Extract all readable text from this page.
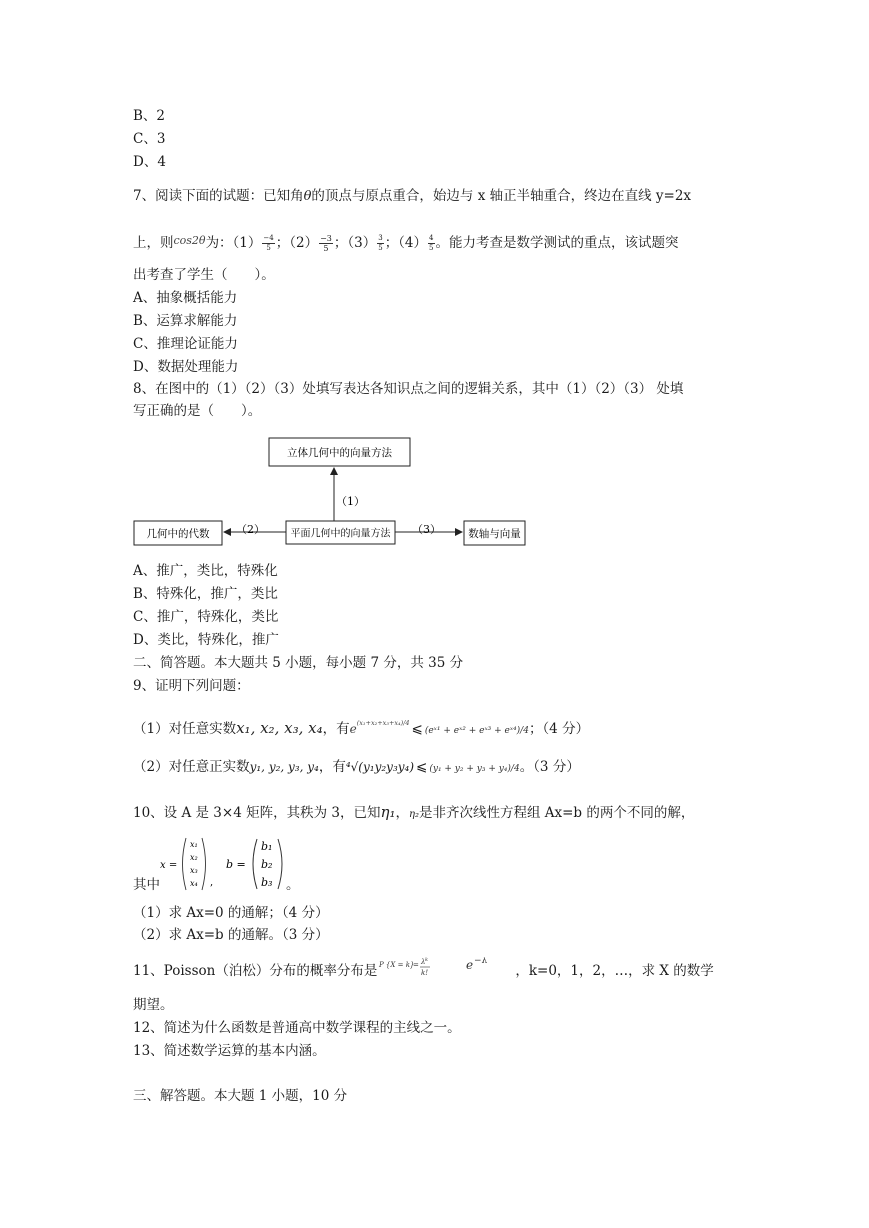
B、2
C、3
D、4
7、阅读下面的试题：已知角θ的顶点与原点重合，始边与 x 轴正半轴重合，终边在直线 y=2x
上，则$^{cos2\theta}$为：$(1) \frac{-4}{5}$ ；$(2) \frac{-3}{5}$ ；$(3) \frac{3}{5}$ ；$(4) \frac{4}{5}$ 。能力考查是数学测试的重点，该试题突
出考查了学生（　　）。
A、抽象概括能力
B、运算求解能力
C、推理论证能力
D、数据处理能力
8、在图中的（1）（2）（3）处填写表达各知识点之间的逻辑关系，其中（1）（2）（3） 处填
写正确的是（　　）。
立体几何中的向量方法
平面几何中的向量方法
几何中的代数	数轴与向量
（1）
（2）	（3）
A、推广，类比，特殊化
B、特殊化，推广，类比
C、推广，特殊化，类比
D、类比，特殊化，推广
二、简答题。本大题共 5 小题，每小题 7 分，共 35 分
9、证明下列问题：
（1）对任意实数x₁, x₂, x₃, x₄，有$e^{(x_1+x_2+x_3+x_4)/4}$ ⩽ (eˣ¹ + eˣ² + eˣ³ + eˣ⁴)/4；（4 分）
（2）对任意正实数y₁, y₂, y₃, y₄，有⁴√(y₁y₂y₃y₄) ⩽ (y₁ + y₂ + y₃ + y₄)/4。（3 分）
10、设 A 是 3×4 矩阵，其秩为 3，已知η₁，η₂是非齐次线性方程组 Ax=b 的两个不同的解，
x =
x₁
x₂
x₃
x₄ ,
b =
b₁
b₂
b₃
其中	。
（1）求 Ax=0 的通解；（4 分）
（2）求 Ax=b 的通解。（3 分）
11、Poisson（泊松）分布的概率分布是 P {X = k}
= λ k
k!
e −λ
，k=0，1，2，…，求 X 的数学
期望。
12、简述为什么函数是普通高中数学课程的主线之一。
13、简述数学运算的基本内涵。
三、解答题。本大题 1 小题，10 分
